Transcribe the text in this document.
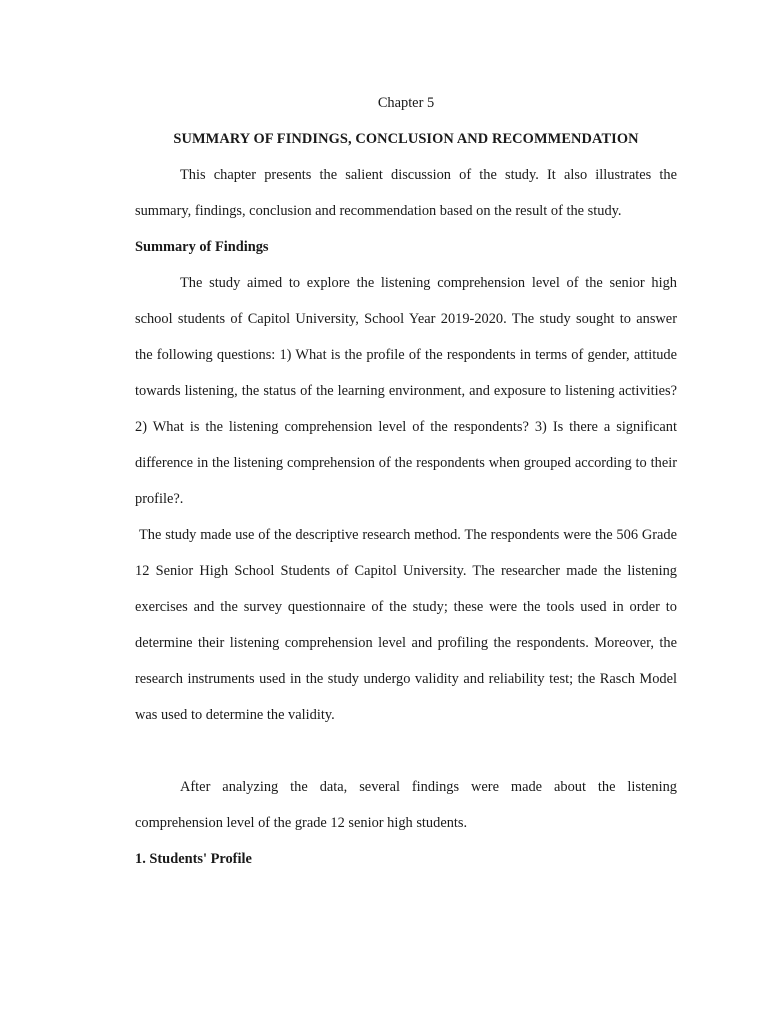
Chapter 5
SUMMARY OF FINDINGS, CONCLUSION AND RECOMMENDATION

This chapter presents the salient discussion of the study. It also illustrates the summary, findings, conclusion and recommendation based on the result of the study.

Summary of Findings

The study aimed to explore the listening comprehension level of the senior high school students of Capitol University, School Year 2019-2020. The study sought to answer the following questions: 1) What is the profile of the respondents in terms of gender, attitude towards listening, the status of the learning environment, and exposure to listening activities? 2) What is the listening comprehension level of the respondents? 3) Is there a significant difference in the listening comprehension of the respondents when grouped according to their profile?.

The study made use of the descriptive research method. The respondents were the 506 Grade 12 Senior High School Students of Capitol University. The researcher made the listening exercises and the survey questionnaire of the study; these were the tools used in order to determine their listening comprehension level and profiling the respondents. Moreover, the research instruments used in the study undergo validity and reliability test; the Rasch Model was used to determine the validity.

After analyzing the data, several findings were made about the listening comprehension level of the grade 12 senior high students.

1. Students' Profile
